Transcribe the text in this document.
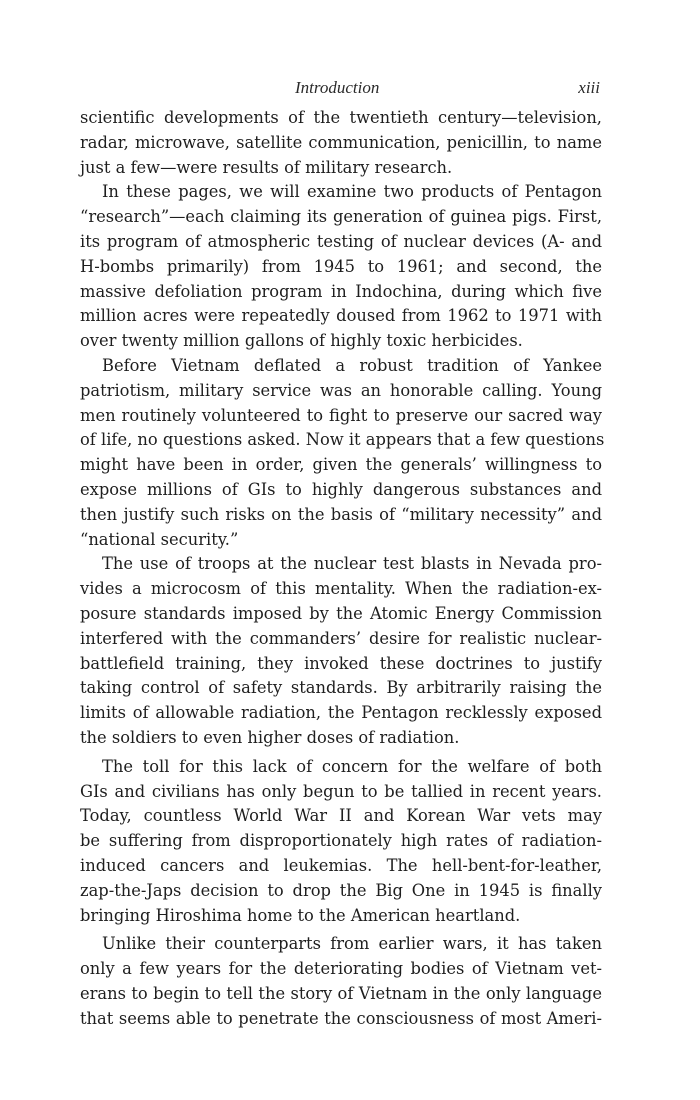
Introduction	xiii
scientific developments of the twentieth century—television,
radar, microwave, satellite communication, penicillin, to name
just a few—were results of military research.
In these pages, we will examine two products of Pentagon
“research”—each claiming its generation of guinea pigs. First,
its program of atmospheric testing of nuclear devices (A- and
H-bombs primarily) from 1945 to 1961; and second, the
massive defoliation program in Indochina, during which five
million acres were repeatedly doused from 1962 to 1971 with
over twenty million gallons of highly toxic herbicides.
Before Vietnam deflated a robust tradition of Yankee
patriotism, military service was an honorable calling. Young
men routinely volunteered to fight to preserve our sacred way
of life, no questions asked. Now it appears that a few questions
might have been in order, given the generals’ willingness to
expose millions of GIs to highly dangerous substances and
then justify such risks on the basis of “military necessity” and
“national security.”
The use of troops at the nuclear test blasts in Nevada pro-
vides a microcosm of this mentality. When the radiation-ex-
posure standards imposed by the Atomic Energy Commission
interfered with the commanders’ desire for realistic nuclear-
battlefield training, they invoked these doctrines to justify
taking control of safety standards. By arbitrarily raising the
limits of allowable radiation, the Pentagon recklessly exposed
the soldiers to even higher doses of radiation.
The toll for this lack of concern for the welfare of both
GIs and civilians has only begun to be tallied in recent years.
Today, countless World War II and Korean War vets may
be suffering from disproportionately high rates of radiation-
induced cancers and leukemias. The hell-bent-for-leather,
zap-the-Japs decision to drop the Big One in 1945 is finally
bringing Hiroshima home to the American heartland.
Unlike their counterparts from earlier wars, it has taken
only a few years for the deteriorating bodies of Vietnam vet-
erans to begin to tell the story of Vietnam in the only language
that seems able to penetrate the consciousness of most Ameri-
